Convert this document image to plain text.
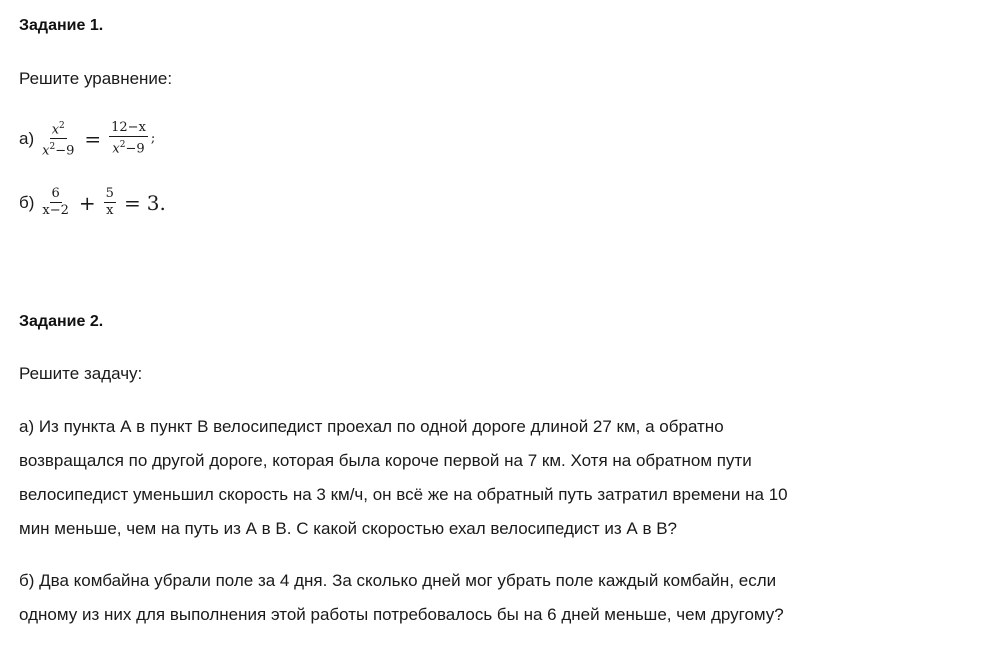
Задание 1.
Решите уравнение:
$а) \frac{x^2}{x^2-9} = \frac{12-x}{x^2-9}$ ;
$б) \frac{6}{x-2} + \frac{5}{x} = 3$.
Задание 2.
Решите задачу:
а) Из пункта А в пункт В велосипедист проехал по одной дороге длиной 27 км, а обратно
возвращался по другой дороге, которая была короче первой на 7 км. Хотя на обратном пути
велосипедист уменьшил скорость на 3 км/ч, он всё же на обратный путь затратил времени на 10
мин меньше, чем на путь из А в В. С какой скоростью ехал велосипедист из А в В?
б) Два комбайна убрали поле за 4 дня. За сколько дней мог убрать поле каждый комбайн, если
одному из них для выполнения этой работы потребовалось бы на 6 дней меньше, чем другому?
